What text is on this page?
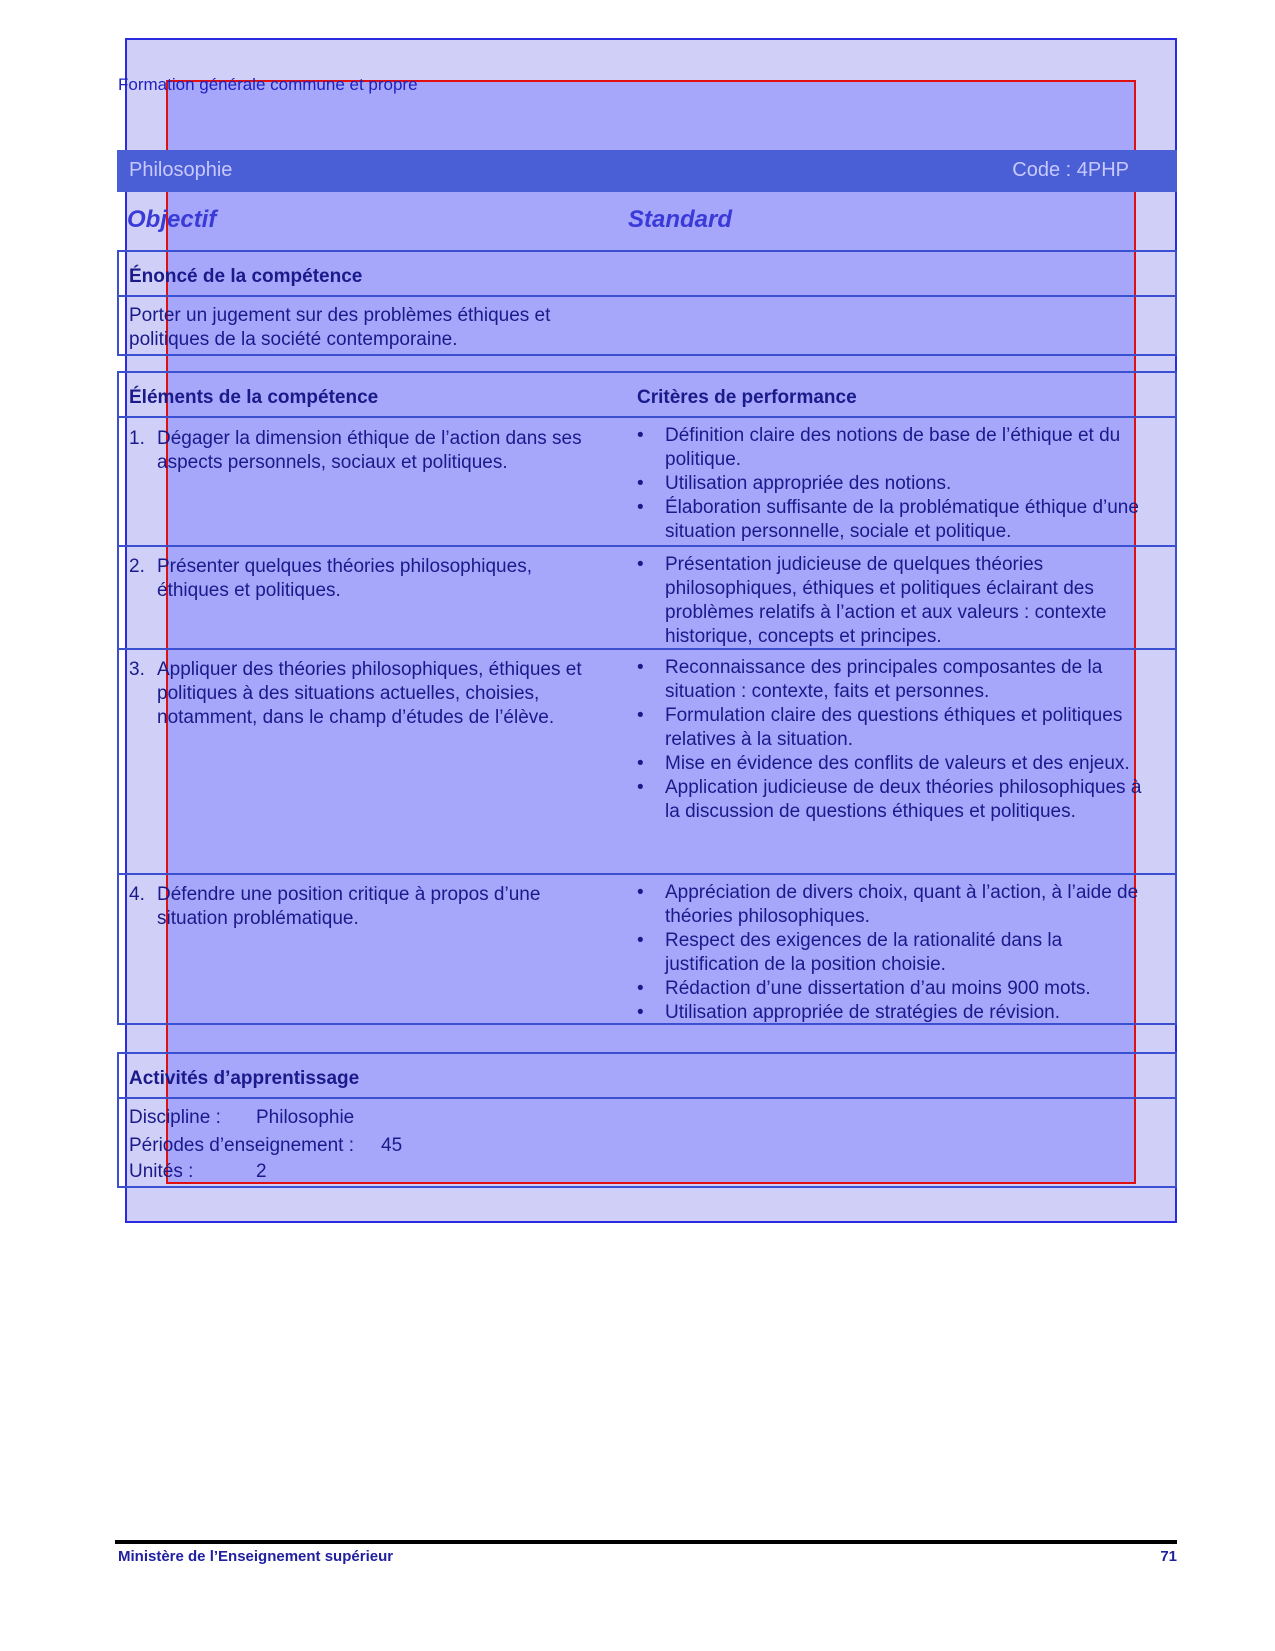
Formation générale commune et propre
Philosophie	Code : 4PHP
Objectif	Standard
Énoncé de la compétence
Porter un jugement sur des problèmes éthiques et politiques de la société contemporaine.
Éléments de la compétence	Critères de performance
1. Dégager la dimension éthique de l’action dans ses aspects personnels, sociaux et politiques.
• Définition claire des notions de base de l’éthique et du politique.
• Utilisation appropriée des notions.
• Élaboration suffisante de la problématique éthique d’une situation personnelle, sociale et politique.
2. Présenter quelques théories philosophiques, éthiques et politiques.
• Présentation judicieuse de quelques théories philosophiques, éthiques et politiques éclairant des problèmes relatifs à l’action et aux valeurs : contexte historique, concepts et principes.
3. Appliquer des théories philosophiques, éthiques et politiques à des situations actuelles, choisies, notamment, dans le champ d’études de l’élève.
• Reconnaissance des principales composantes de la situation : contexte, faits et personnes.
• Formulation claire des questions éthiques et politiques relatives à la situation.
• Mise en évidence des conflits de valeurs et des enjeux.
• Application judicieuse de deux théories philosophiques à la discussion de questions éthiques et politiques.
4. Défendre une position critique à propos d’une situation problématique.
• Appréciation de divers choix, quant à l’action, à l’aide de théories philosophiques.
• Respect des exigences de la rationalité dans la justification de la position choisie.
• Rédaction d’une dissertation d’au moins 900 mots.
• Utilisation appropriée de stratégies de révision.
Activités d’apprentissage
Discipline : Philosophie
Périodes d’enseignement : 45
Unités :	2
Ministère de l’Enseignement supérieur	71
